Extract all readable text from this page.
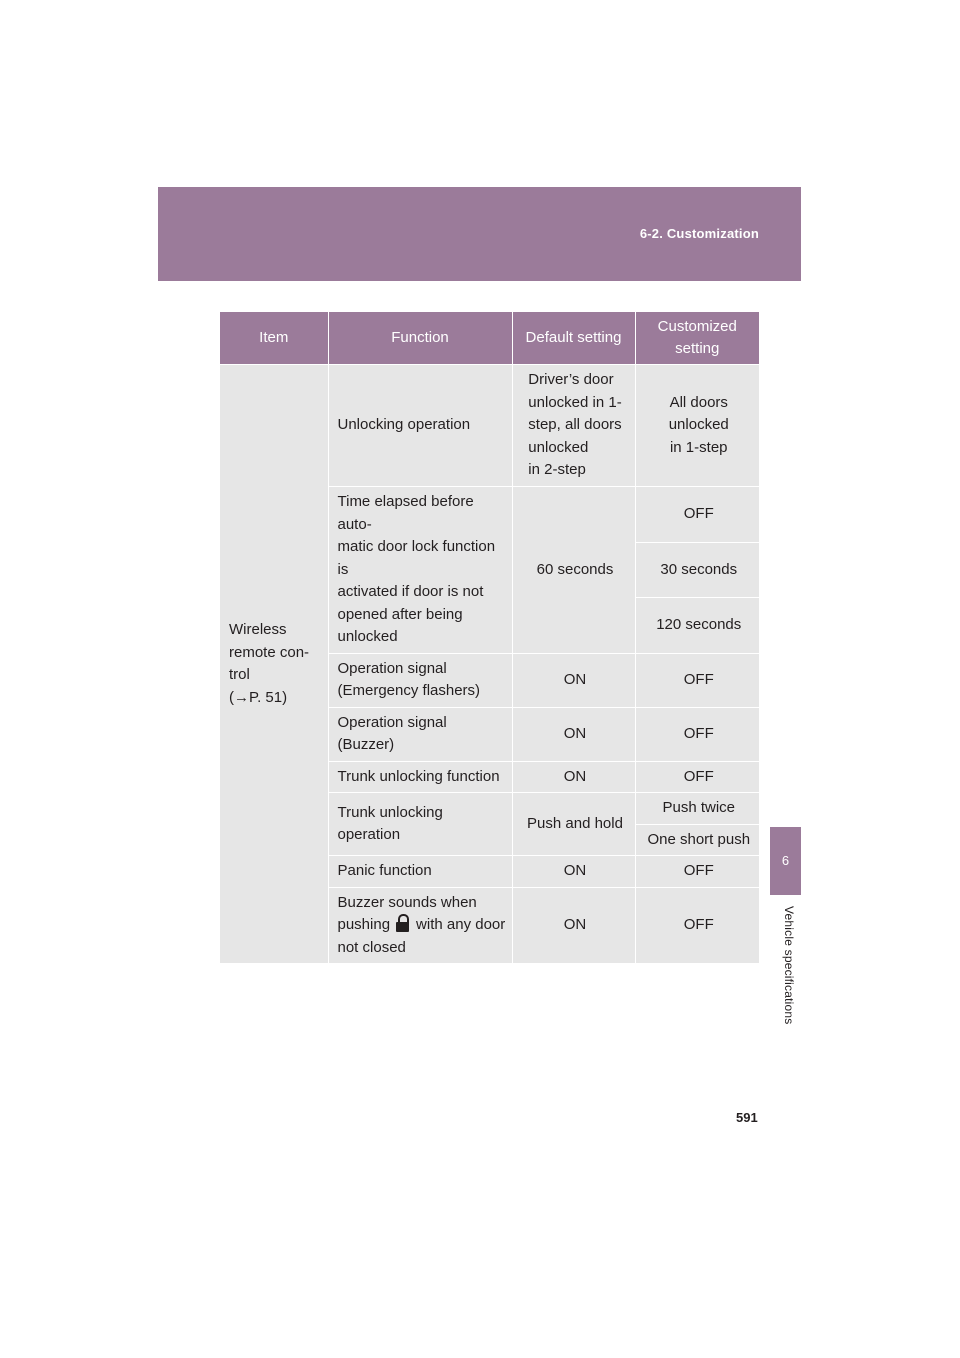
6-2. Customization
6
Vehicle specifications
Item	Function	Default setting	Customized setting
Wireless
remote con-
trol
(→P. 51)	Unlocking operation	Driver’s door
unlocked in 1-
step, all doors
unlocked
in 2-step	All doors
unlocked
in 1-step
	Time elapsed before auto-
matic door lock function is
activated if door is not
opened after being
unlocked	60 seconds	OFF
			30 seconds
			120 seconds
	Operation signal
(Emergency flashers)	ON	OFF
	Operation signal
(Buzzer)	ON	OFF
	Trunk unlocking function	ON	OFF
	Trunk unlocking operation	Push and hold	Push twice
			One short push
	Panic function	ON	OFF
	Buzzer sounds when
pushing with any door
not closed	ON	OFF
591
